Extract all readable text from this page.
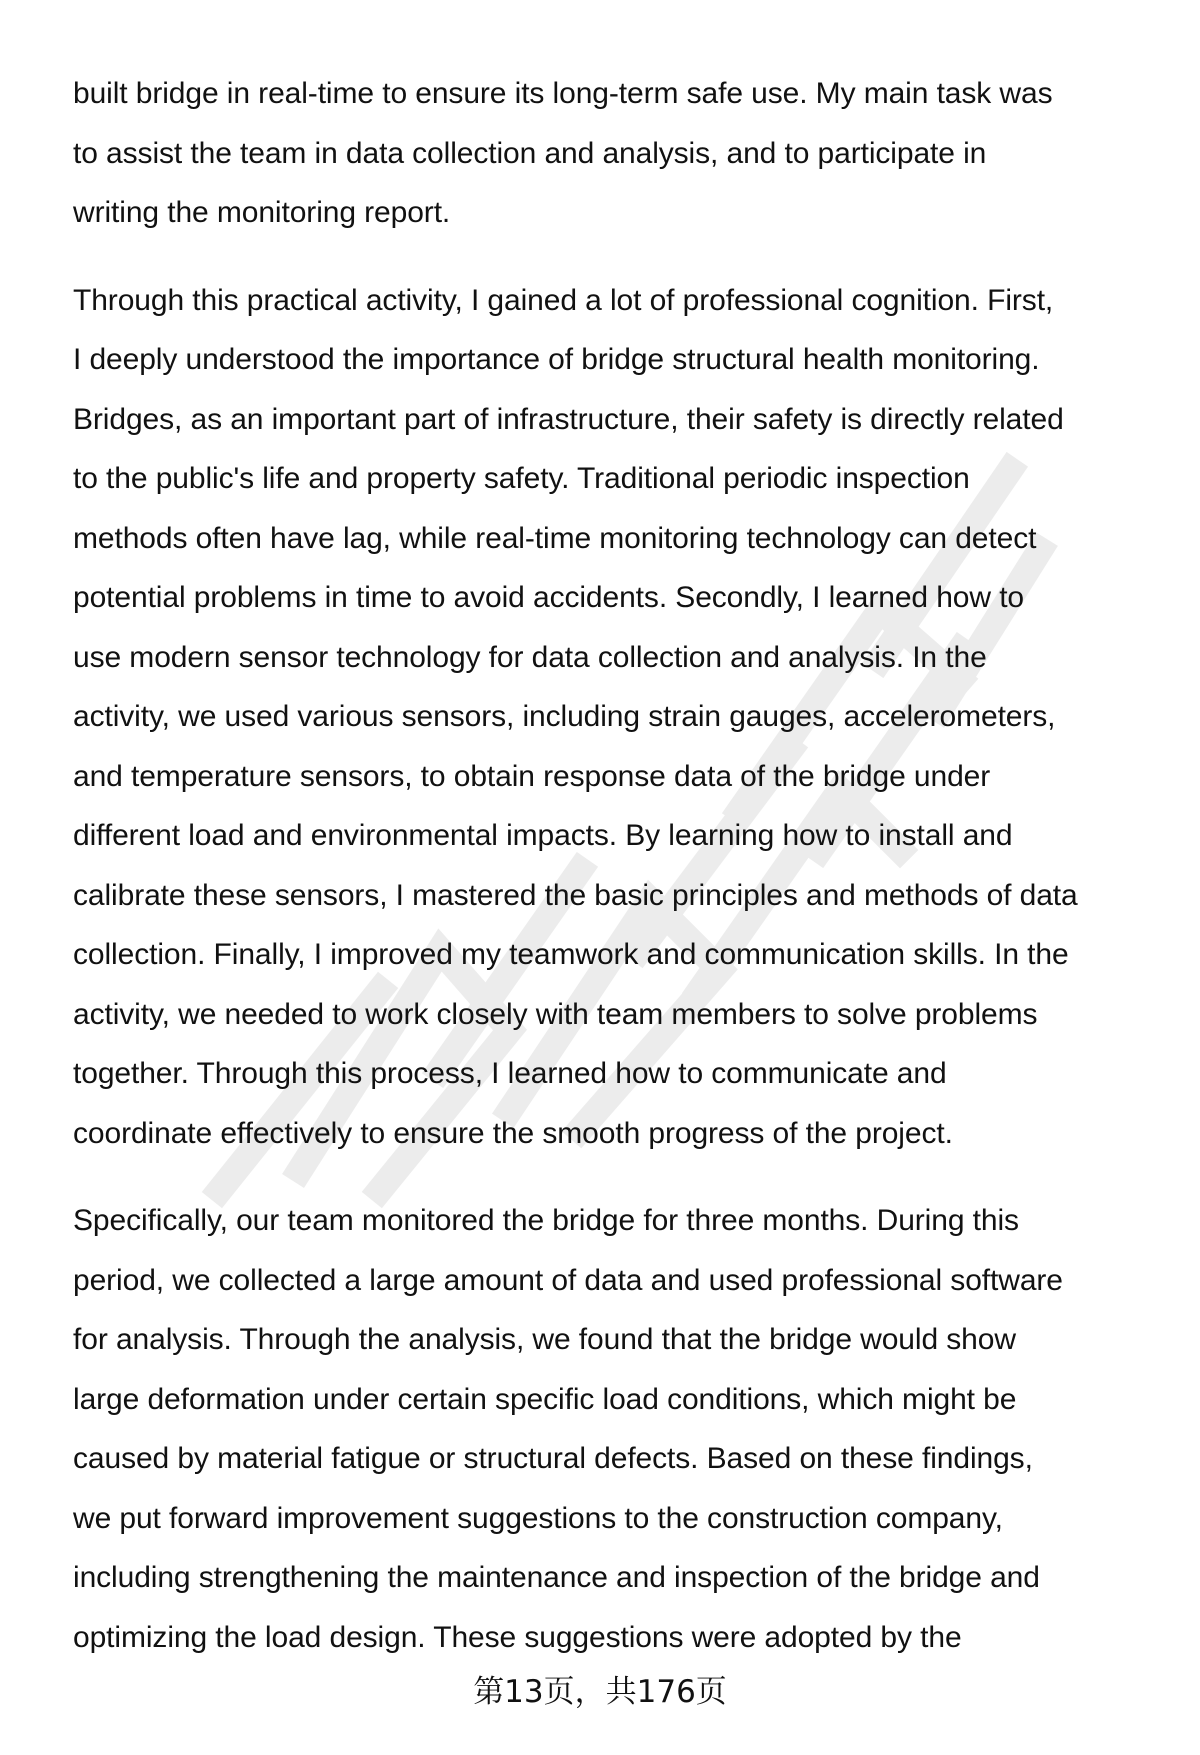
built bridge in real-time to ensure its long-term safe use. My main task was
to assist the team in data collection and analysis, and to participate in
writing the monitoring report.

Through this practical activity, I gained a lot of professional cognition. First,
I deeply understood the importance of bridge structural health monitoring.
Bridges, as an important part of infrastructure, their safety is directly related
to the public's life and property safety. Traditional periodic inspection
methods often have lag, while real-time monitoring technology can detect
potential problems in time to avoid accidents. Secondly, I learned how to
use modern sensor technology for data collection and analysis. In the
activity, we used various sensors, including strain gauges, accelerometers,
and temperature sensors, to obtain response data of the bridge under
different load and environmental impacts. By learning how to install and
calibrate these sensors, I mastered the basic principles and methods of data
collection. Finally, I improved my teamwork and communication skills. In the
activity, we needed to work closely with team members to solve problems
together. Through this process, I learned how to communicate and
coordinate effectively to ensure the smooth progress of the project.

Specifically, our team monitored the bridge for three months. During this
period, we collected a large amount of data and used professional software
for analysis. Through the analysis, we found that the bridge would show
large deformation under certain specific load conditions, which might be
caused by material fatigue or structural defects. Based on these findings,
we put forward improvement suggestions to the construction company,
including strengthening the maintenance and inspection of the bridge and
optimizing the load design. These suggestions were adopted by the

第13页，共176页
